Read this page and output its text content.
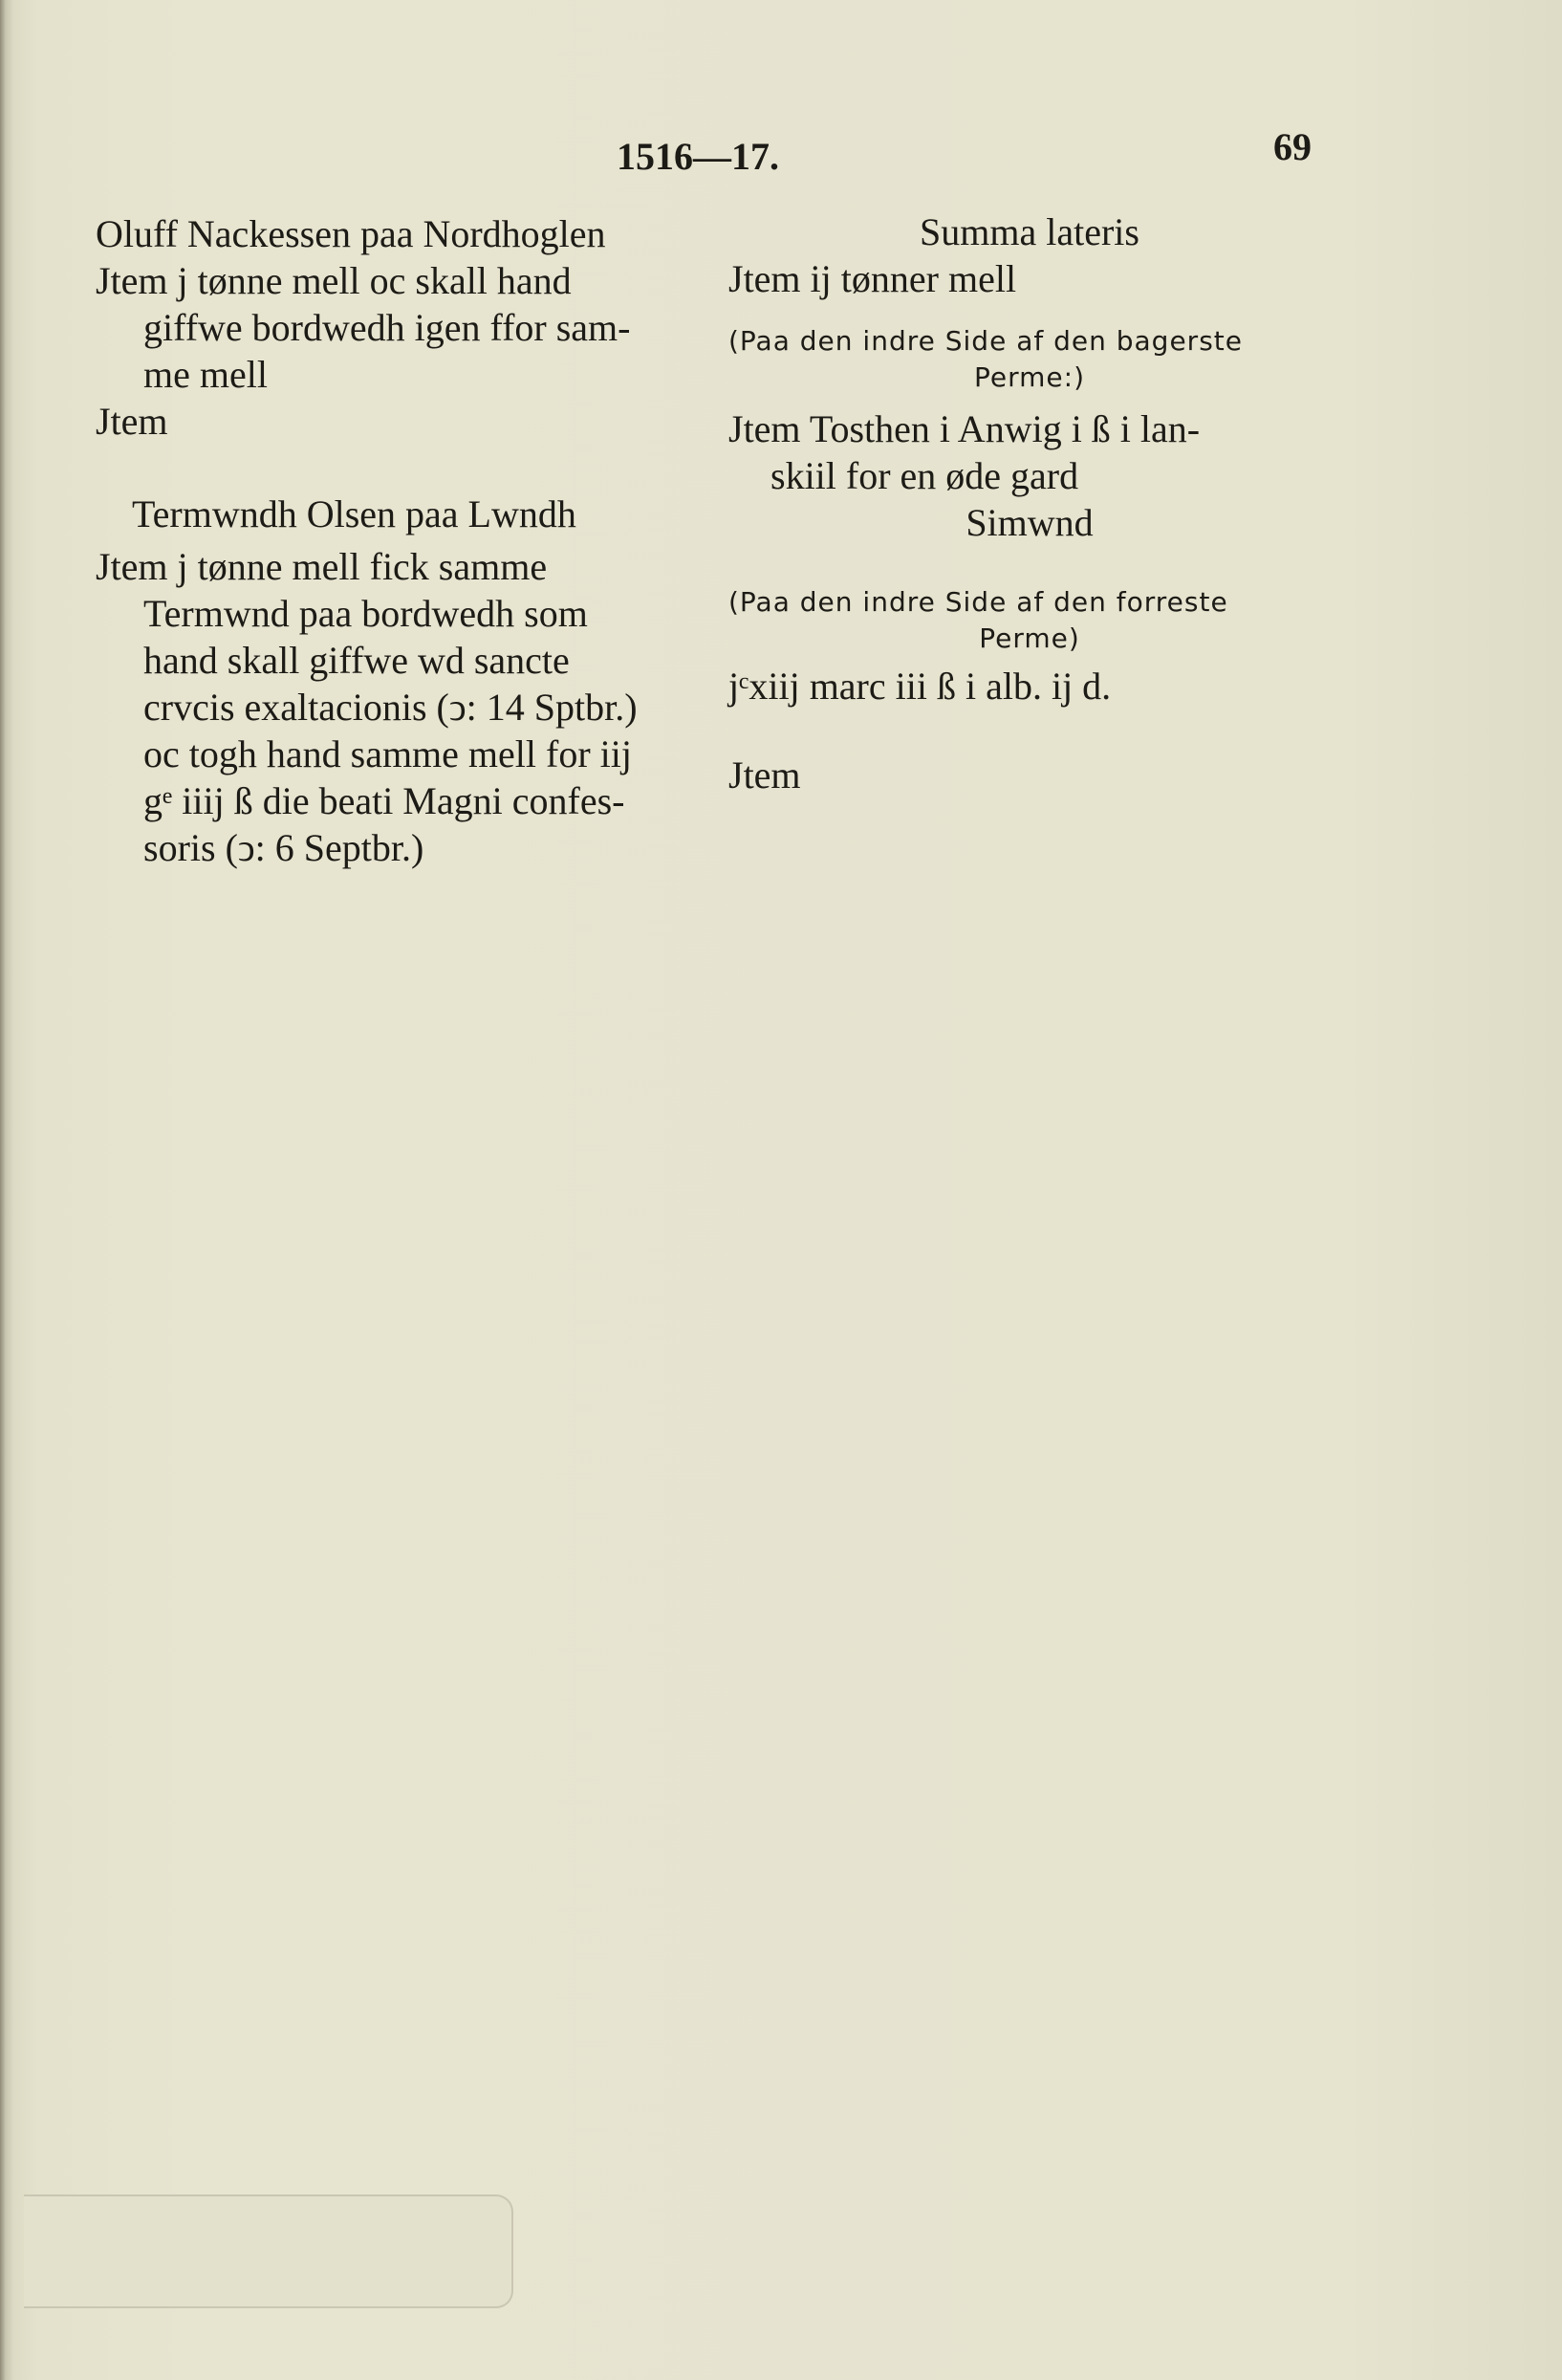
1516—17.	69
Oluff Nackessen paa Nordhoglen
Jtem j tønne mell oc skall hand
giffwe bordwedh igen ffor sam-
me mell
Jtem
Termwndh Olsen paa Lwndh
Jtem j tønne mell fick samme
Termwnd paa bordwedh som
hand skall giffwe wd sancte
crvcis exaltacionis (ↄ: 14 Sptbr.)
oc togh hand samme mell for iij
gᵉ iiij ß die beati Magni confes-
soris (ↄ: 6 Septbr.)
Summa lateris
Jtem ij tønner mell
(Paa den indre Side af den bagerste
Perme:)
Jtem Tosthen i Anwig i ß i lan-
skiil for en øde gard
Simwnd
(Paa den indre Side af den forreste
Perme)
jᶜxiij marc iii ß i alb. ij d.
Jtem
